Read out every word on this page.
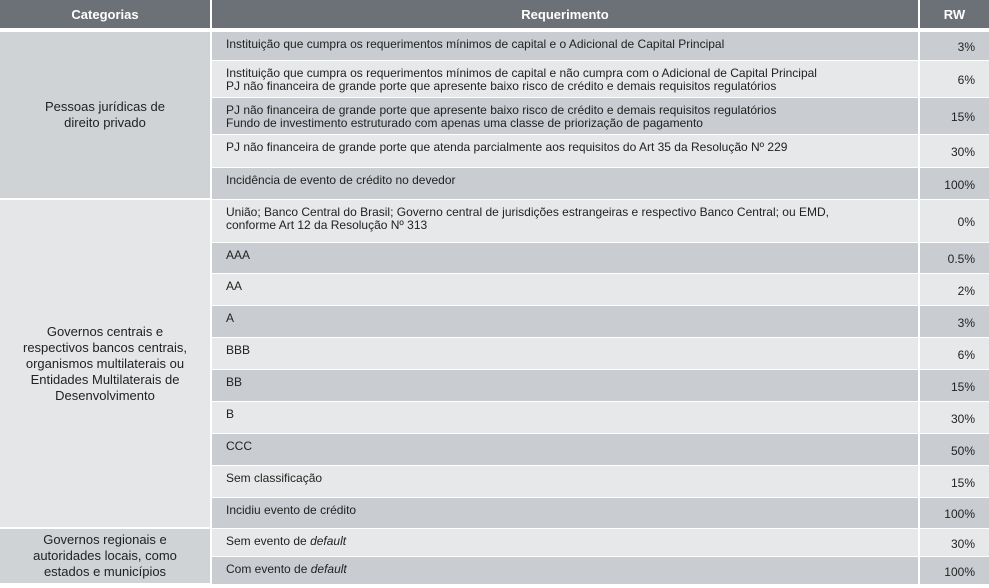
Categorias	Requerimento	RW

Pessoas jurídicas de
direito privado	Instituição que cumpra os requerimentos mínimos de capital e o Adicional de Capital Principal	3%

	Instituição que cumpra os requerimentos mínimos de capital e não cumpra com o Adicional de Capital Principal
PJ não financeira de grande porte que apresente baixo risco de crédito e demais requisitos regulatórios	6%

	PJ não financeira de grande porte que apresente baixo risco de crédito e demais requisitos regulatórios
Fundo de investimento estruturado com apenas uma classe de priorização de pagamento	15%

	PJ não financeira de grande porte que atenda parcialmente aos requisitos do Art 35 da Resolução Nº 229	30%

	Incidência de evento de crédito no devedor	100%

Governos centrais e
respectivos bancos centrais,
organismos multilaterais ou
Entidades Multilaterais de
Desenvolvimento	União; Banco Central do Brasil; Governo central de jurisdições estrangeiras e respectivo Banco Central; ou EMD,
conforme Art 12 da Resolução Nº 313	0%

	AAA	0.5%

	AA	2%

	A	3%

	BBB	6%

	BB	15%

	B	30%

	CCC	50%

	Sem classificação	15%

	Incidiu evento de crédito	100%

Governos regionais e
autoridades locais, como
estados e municípios	Sem evento de default	30%

	Com evento de default	100%
